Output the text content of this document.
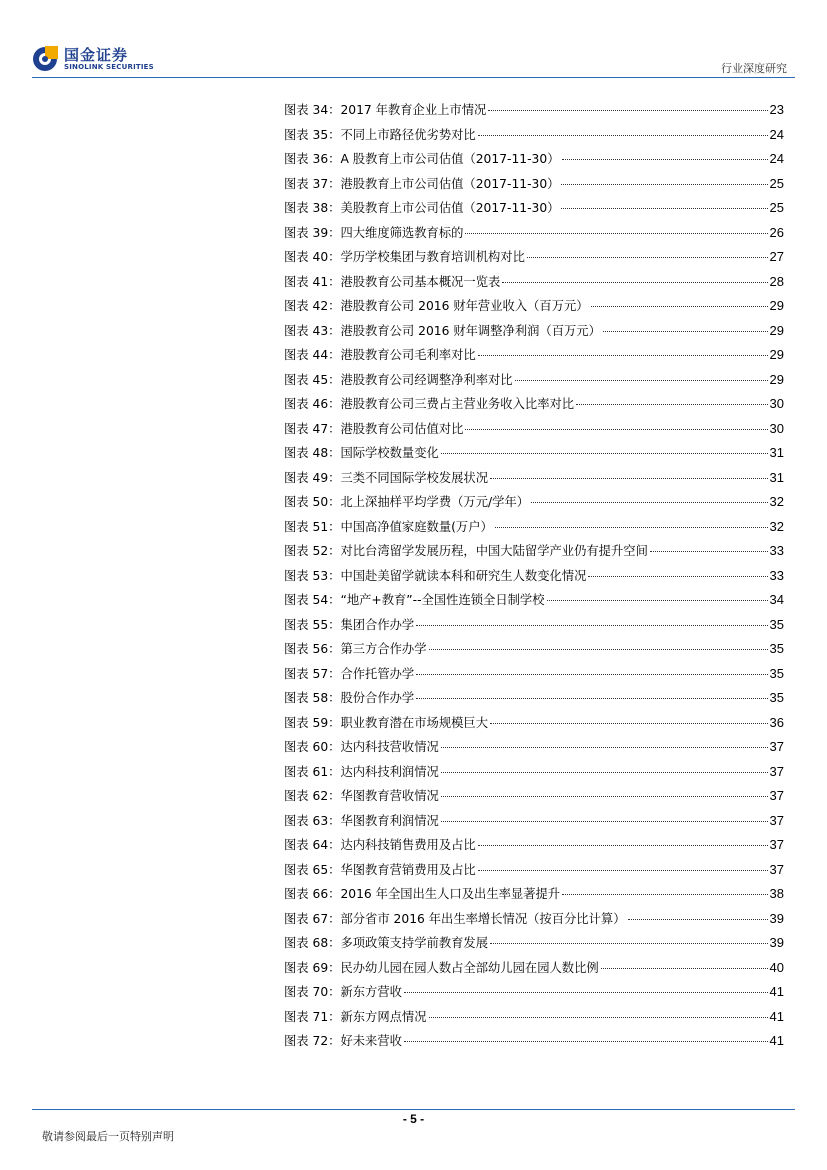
国金证券
SINOLINK SECURITIES	行业深度研究
图表 34：2017 年教育企业上市情况	23
图表 35：不同上市路径优劣势对比	24
图表 36：A 股教育上市公司估值（2017-11-30）	24
图表 37：港股教育上市公司估值（2017-11-30）	25
图表 38：美股教育上市公司估值（2017-11-30）	25
图表 39：四大维度筛选教育标的	26
图表 40：学历学校集团与教育培训机构对比	27
图表 41：港股教育公司基本概况一览表	28
图表 42：港股教育公司 2016 财年营业收入（百万元）	29
图表 43：港股教育公司 2016 财年调整净利润（百万元）	29
图表 44：港股教育公司毛利率对比	29
图表 45：港股教育公司经调整净利率对比	29
图表 46：港股教育公司三费占主营业务收入比率对比	30
图表 47：港股教育公司估值对比	30
图表 48：国际学校数量变化	31
图表 49：三类不同国际学校发展状况	31
图表 50：北上深抽样平均学费（万元/学年）	32
图表 51：中国高净值家庭数量(万户）	32
图表 52：对比台湾留学发展历程，中国大陆留学产业仍有提升空间	33
图表 53：中国赴美留学就读本科和研究生人数变化情况	33
图表 54：“地产+教育”--全国性连锁全日制学校	34
图表 55：集团合作办学	35
图表 56：第三方合作办学	35
图表 57：合作托管办学	35
图表 58：股份合作办学	35
图表 59：职业教育潜在市场规模巨大	36
图表 60：达内科技营收情况	37
图表 61：达内科技利润情况	37
图表 62：华图教育营收情况	37
图表 63：华图教育利润情况	37
图表 64：达内科技销售费用及占比	37
图表 65：华图教育营销费用及占比	37
图表 66：2016 年全国出生人口及出生率显著提升	38
图表 67：部分省市 2016 年出生率增长情况（按百分比计算）	39
图表 68：多项政策支持学前教育发展	39
图表 69：民办幼儿园在园人数占全部幼儿园在园人数比例	40
图表 70：新东方营收	41
图表 71：新东方网点情况	41
图表 72：好未来营收	41
- 5 -
敬请参阅最后一页特别声明
